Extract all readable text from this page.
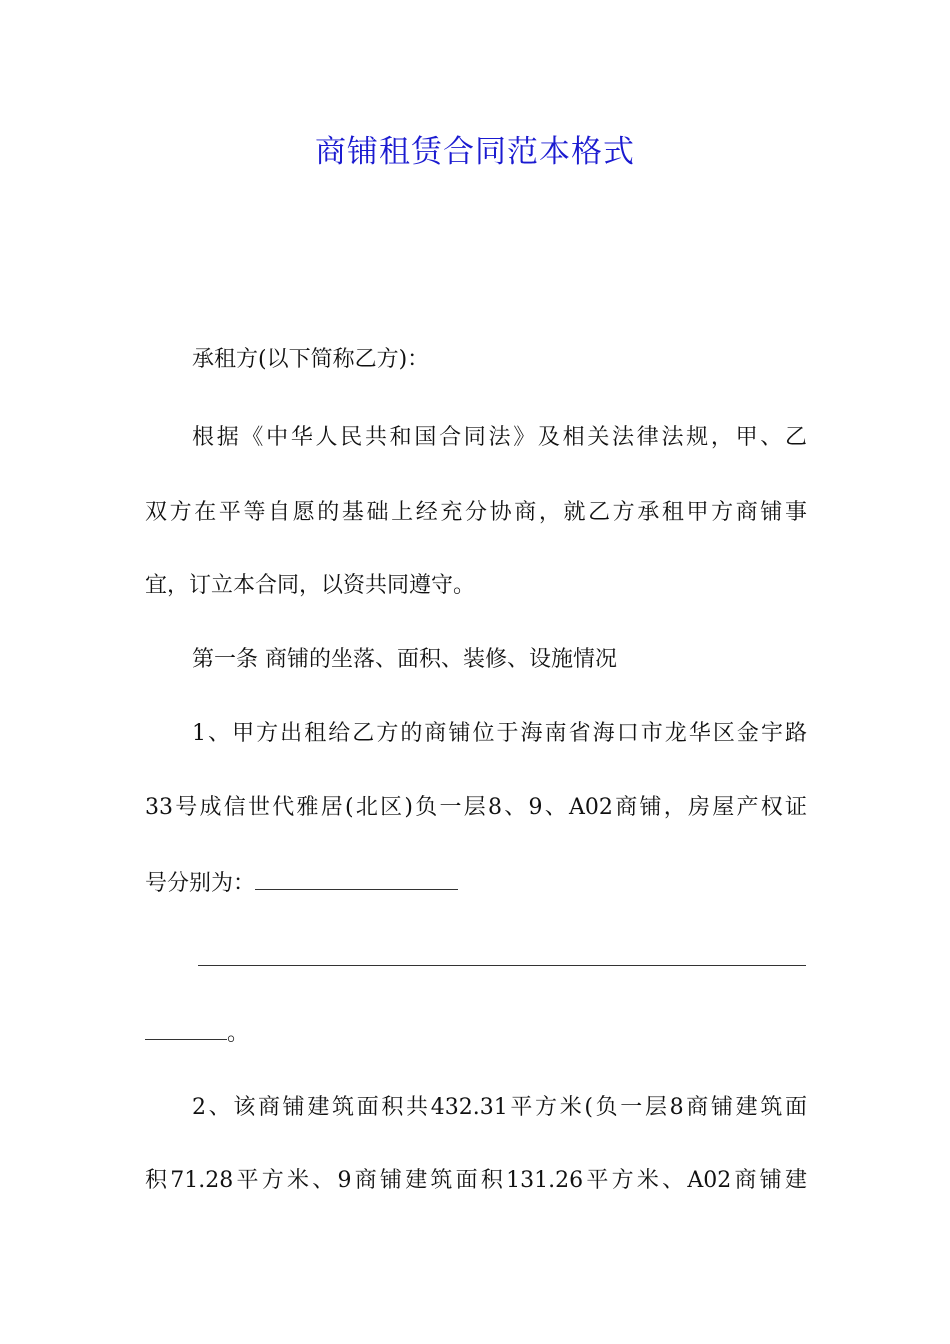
商铺租赁合同范本格式
承租方(以下简称乙方)：
根据《中华人民共和国合同法》及相关法律法规，甲、乙
双方在平等自愿的基础上经充分协商，就乙方承租甲方商铺事
宜，订立本合同，以资共同遵守。
第一条 商铺的坐落、面积、装修、设施情况
1、甲方出租给乙方的商铺位于海南省海口市龙华区金宇路
33号成信世代雅居(北区)负一层8、9、A02商铺，房屋产权证
号分别为：
。
2、该商铺建筑面积共432.31平方米(负一层8商铺建筑面
积71.28平方米、9商铺建筑面积131.26平方米、A02商铺建
